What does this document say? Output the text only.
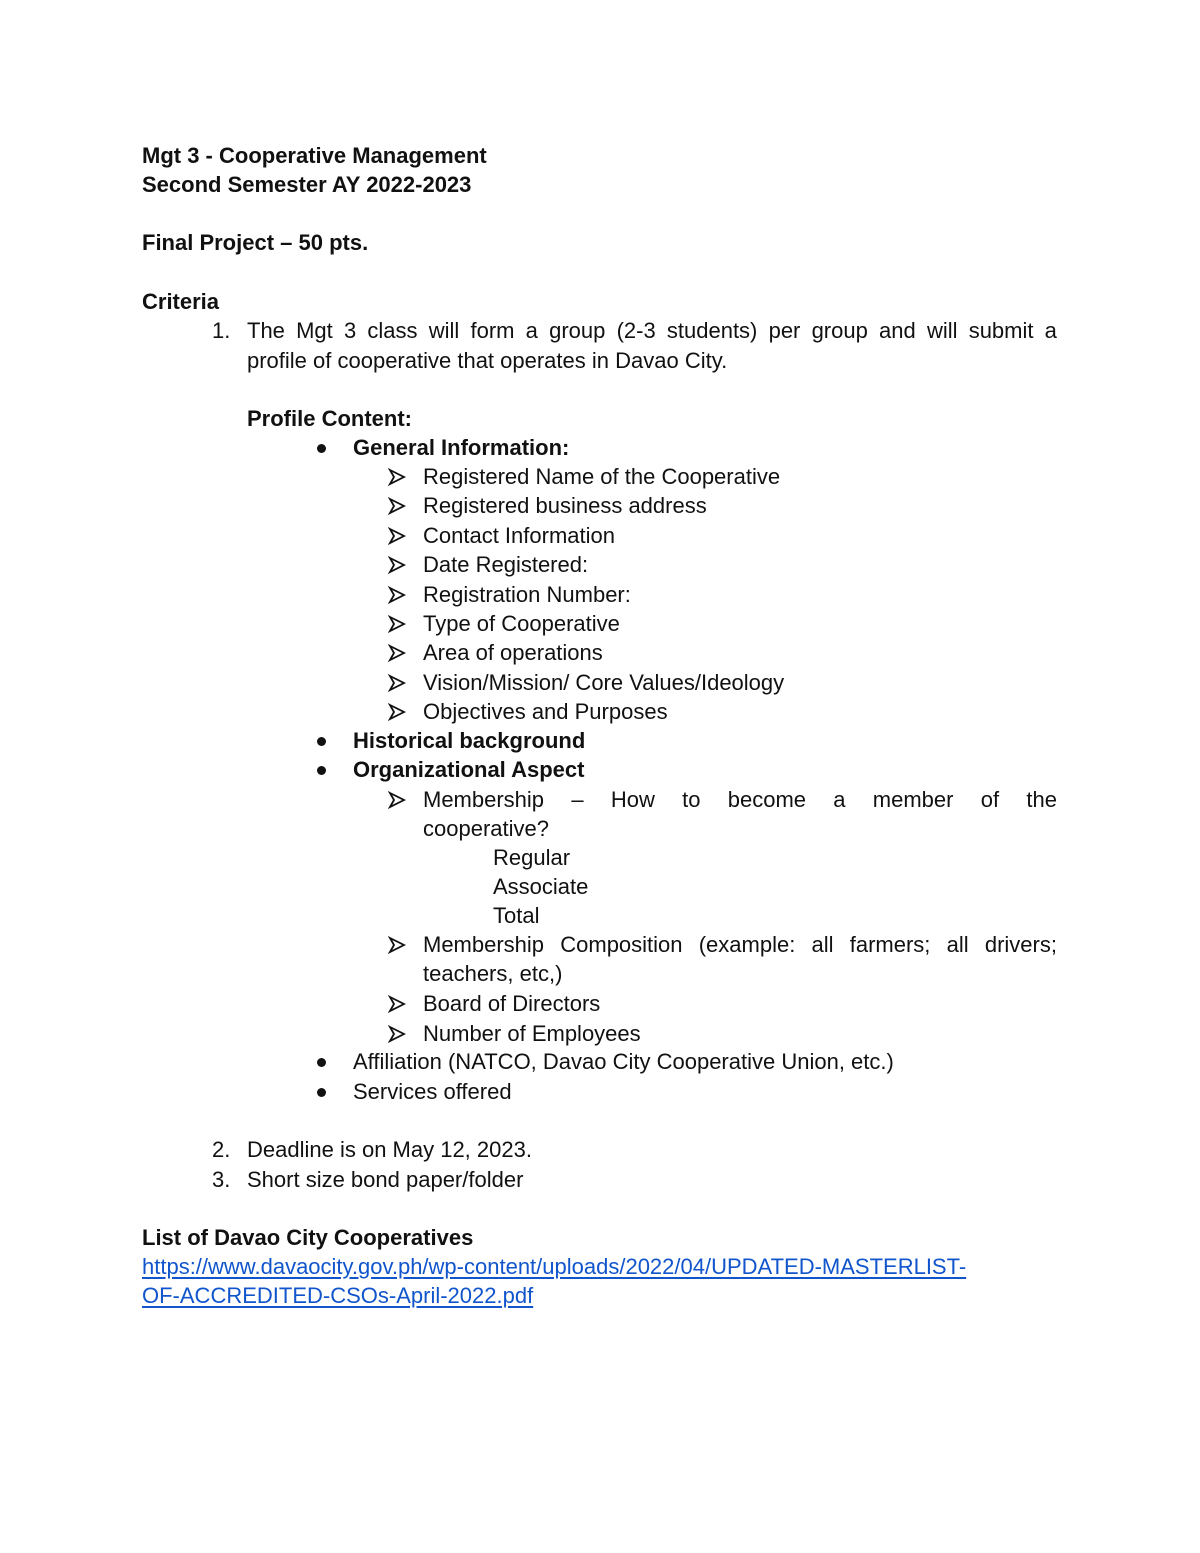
Mgt 3 - Cooperative Management
Second Semester AY 2022-2023
Final Project – 50 pts.
Criteria
1. The Mgt 3 class will form a group (2-3 students) per group and will submit a
profile of cooperative that operates in Davao City.
Profile Content:
General Information:
Registered Name of the Cooperative
Registered business address
Contact Information
Date Registered:
Registration Number:
Type of Cooperative
Area of operations
Vision/Mission/ Core Values/Ideology
Objectives and Purposes
Historical background
Organizational Aspect
Membership – How to become a member of the
cooperative?
Regular
Associate
Total
Membership Composition (example: all farmers; all drivers;
teachers, etc,)
Board of Directors
Number of Employees
Affiliation (NATCO, Davao City Cooperative Union, etc.)
Services offered
2. Deadline is on May 12, 2023.
3. Short size bond paper/folder
List of Davao City Cooperatives
https://www.davaocity.gov.ph/wp-content/uploads/2022/04/UPDATED-MASTERLIST-
OF-ACCREDITED-CSOs-April-2022.pdf
